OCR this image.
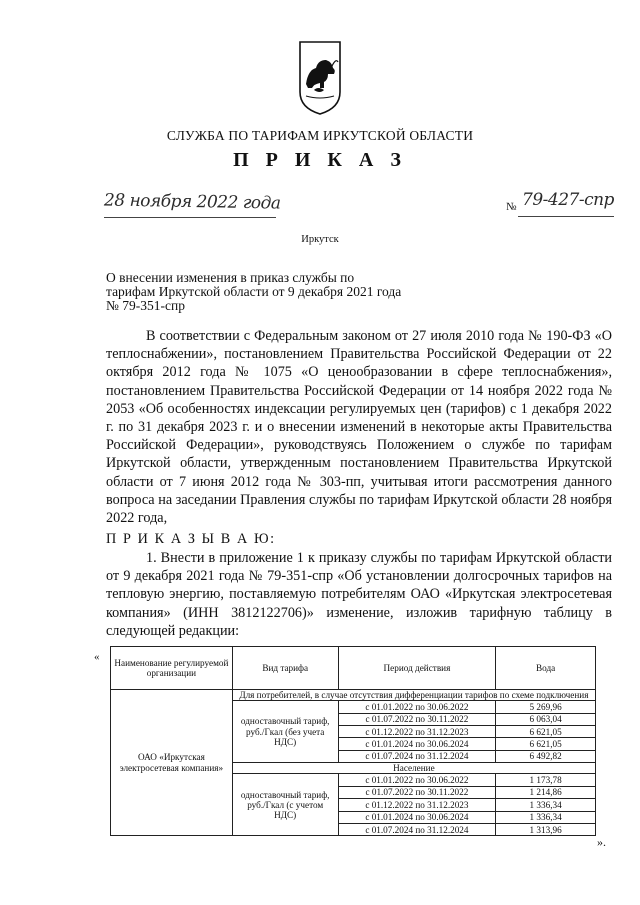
СЛУЖБА ПО ТАРИФАМ ИРКУТСКОЙ ОБЛАСТИ
П Р И К А З
28 ноября 2022 года	№ 79-427-спр
Иркутск
О внесении изменения в приказ службы по тарифам Иркутской области от 9 декабря 2021 года № 79-351-спр
В соответствии с Федеральным законом от 27 июля 2010 года № 190-ФЗ «О теплоснабжении», постановлением Правительства Российской Федерации от 22 октября 2012 года № 1075 «О ценообразовании в сфере теплоснабжения», постановлением Правительства Российской Федерации от 14 ноября 2022 года № 2053 «Об особенностях индексации регулируемых цен (тарифов) с 1 декабря 2022 г. по 31 декабря 2023 г. и о внесении изменений в некоторые акты Правительства Российской Федерации», руководствуясь Положением о службе по тарифам Иркутской области, утвержденным постановлением Правительства Иркутской области от 7 июня 2012 года № 303-пп, учитывая итоги рассмотрения данного вопроса на заседании Правления службы по тарифам Иркутской области 28 ноября 2022 года,
П Р И К А З Ы В А Ю:
1. Внести в приложение 1 к приказу службы по тарифам Иркутской области от 9 декабря 2021 года № 79-351-спр «Об установлении долгосрочных тарифов на тепловую энергию, поставляемую потребителям ОАО «Иркутская электросетевая компания» (ИНН 3812122706)» изменение, изложив тарифную таблицу в следующей редакции:
« Наименование регулируемой организации	Вид тарифа	Период действия	Вода
ОАО «Иркутская электросетевая компания»	Для потребителей, в случае отсутствия дифференциации тарифов по схеме подключения		
	одноставочный тариф, руб./Гкал (без учета НДС)	с 01.01.2022 по 30.06.2022	5 269,96
		с 01.07.2022 по 30.11.2022	6 063,04
		с 01.12.2022 по 31.12.2023	6 621,05
		с 01.01.2024 по 30.06.2024	6 621,05
		с 01.07.2024 по 31.12.2024	6 492,82
	Население		
	одноставочный тариф, руб./Гкал (с учетом НДС)	с 01.01.2022 по 30.06.2022	1 173,78
		с 01.07.2022 по 30.11.2022	1 214,86
		с 01.12.2022 по 31.12.2023	1 336,34
		с 01.01.2024 по 30.06.2024	1 336,34
		с 01.07.2024 по 31.12.2024	1 313,96
».
